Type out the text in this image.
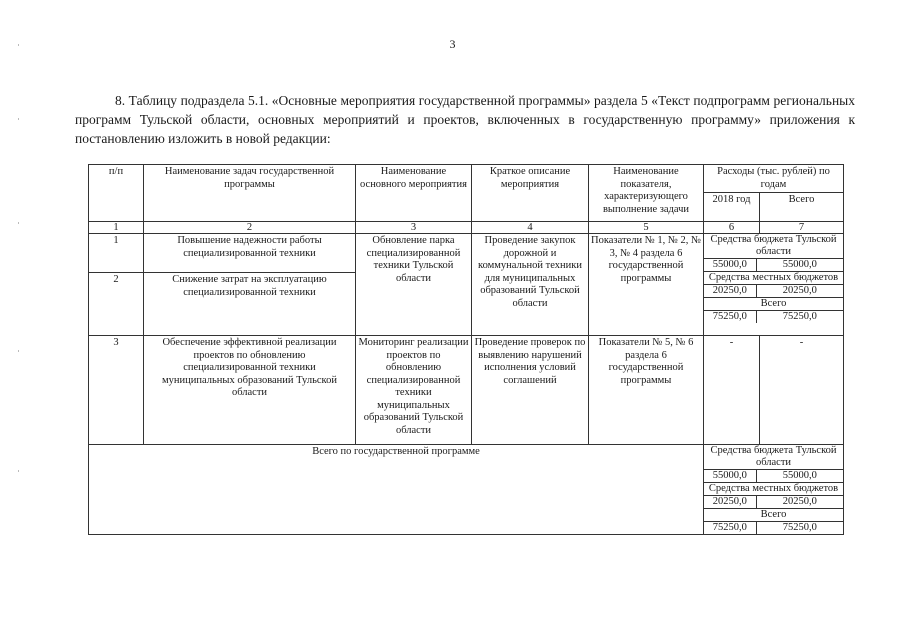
3
8. Таблицу подраздела 5.1. «Основные мероприятия государственной программы» раздела 5 «Текст подпрограмм региональных программ Тульской области, основных мероприятий и проектов, включенных в государственную программу» приложения к постановлению изложить в новой редакции:
п/п	Наименование задач государственной программы	Наименование основного мероприятия	Краткое описание мероприятия	Наименование показателя, характеризующего выполнение задачи	Расходы (тыс. рублей) по годам
2018 год	Всего
1	2	3	4	5	6	7
1	Повышение надежности работы специализированной техники	Обновление парка специализированной техники Тульской области	Проведение закупок дорожной и коммунальной техники для муниципальных образований Тульской области	Показатели № 1, № 2, № 3, № 4 раздела 6 государственной программы	
Средства бюджета Тульской области
55000,0	55000,0
Средства местных бюджетов
20250,0	20250,0
Всего
75250,0	75250,0

2	Снижение затрат на эксплуатацию специализированной техники
3	Обеспечение эффективной реализации проектов по обновлению специализированной техники муниципальных образований Тульской области	Мониторинг реализации проектов по обновлению специализированной техники муниципальных образований Тульской области	Проведение проверок по выявлению нарушений исполнения условий соглашений	Показатели № 5, № 6 раздела 6 государственной программы	-	-
Всего по государственной программе		Средства бюджета Тульской области
55000,0	55000,0
Средства местных бюджетов
20250,0	20250,0
Всего
75250,0	75250,0
